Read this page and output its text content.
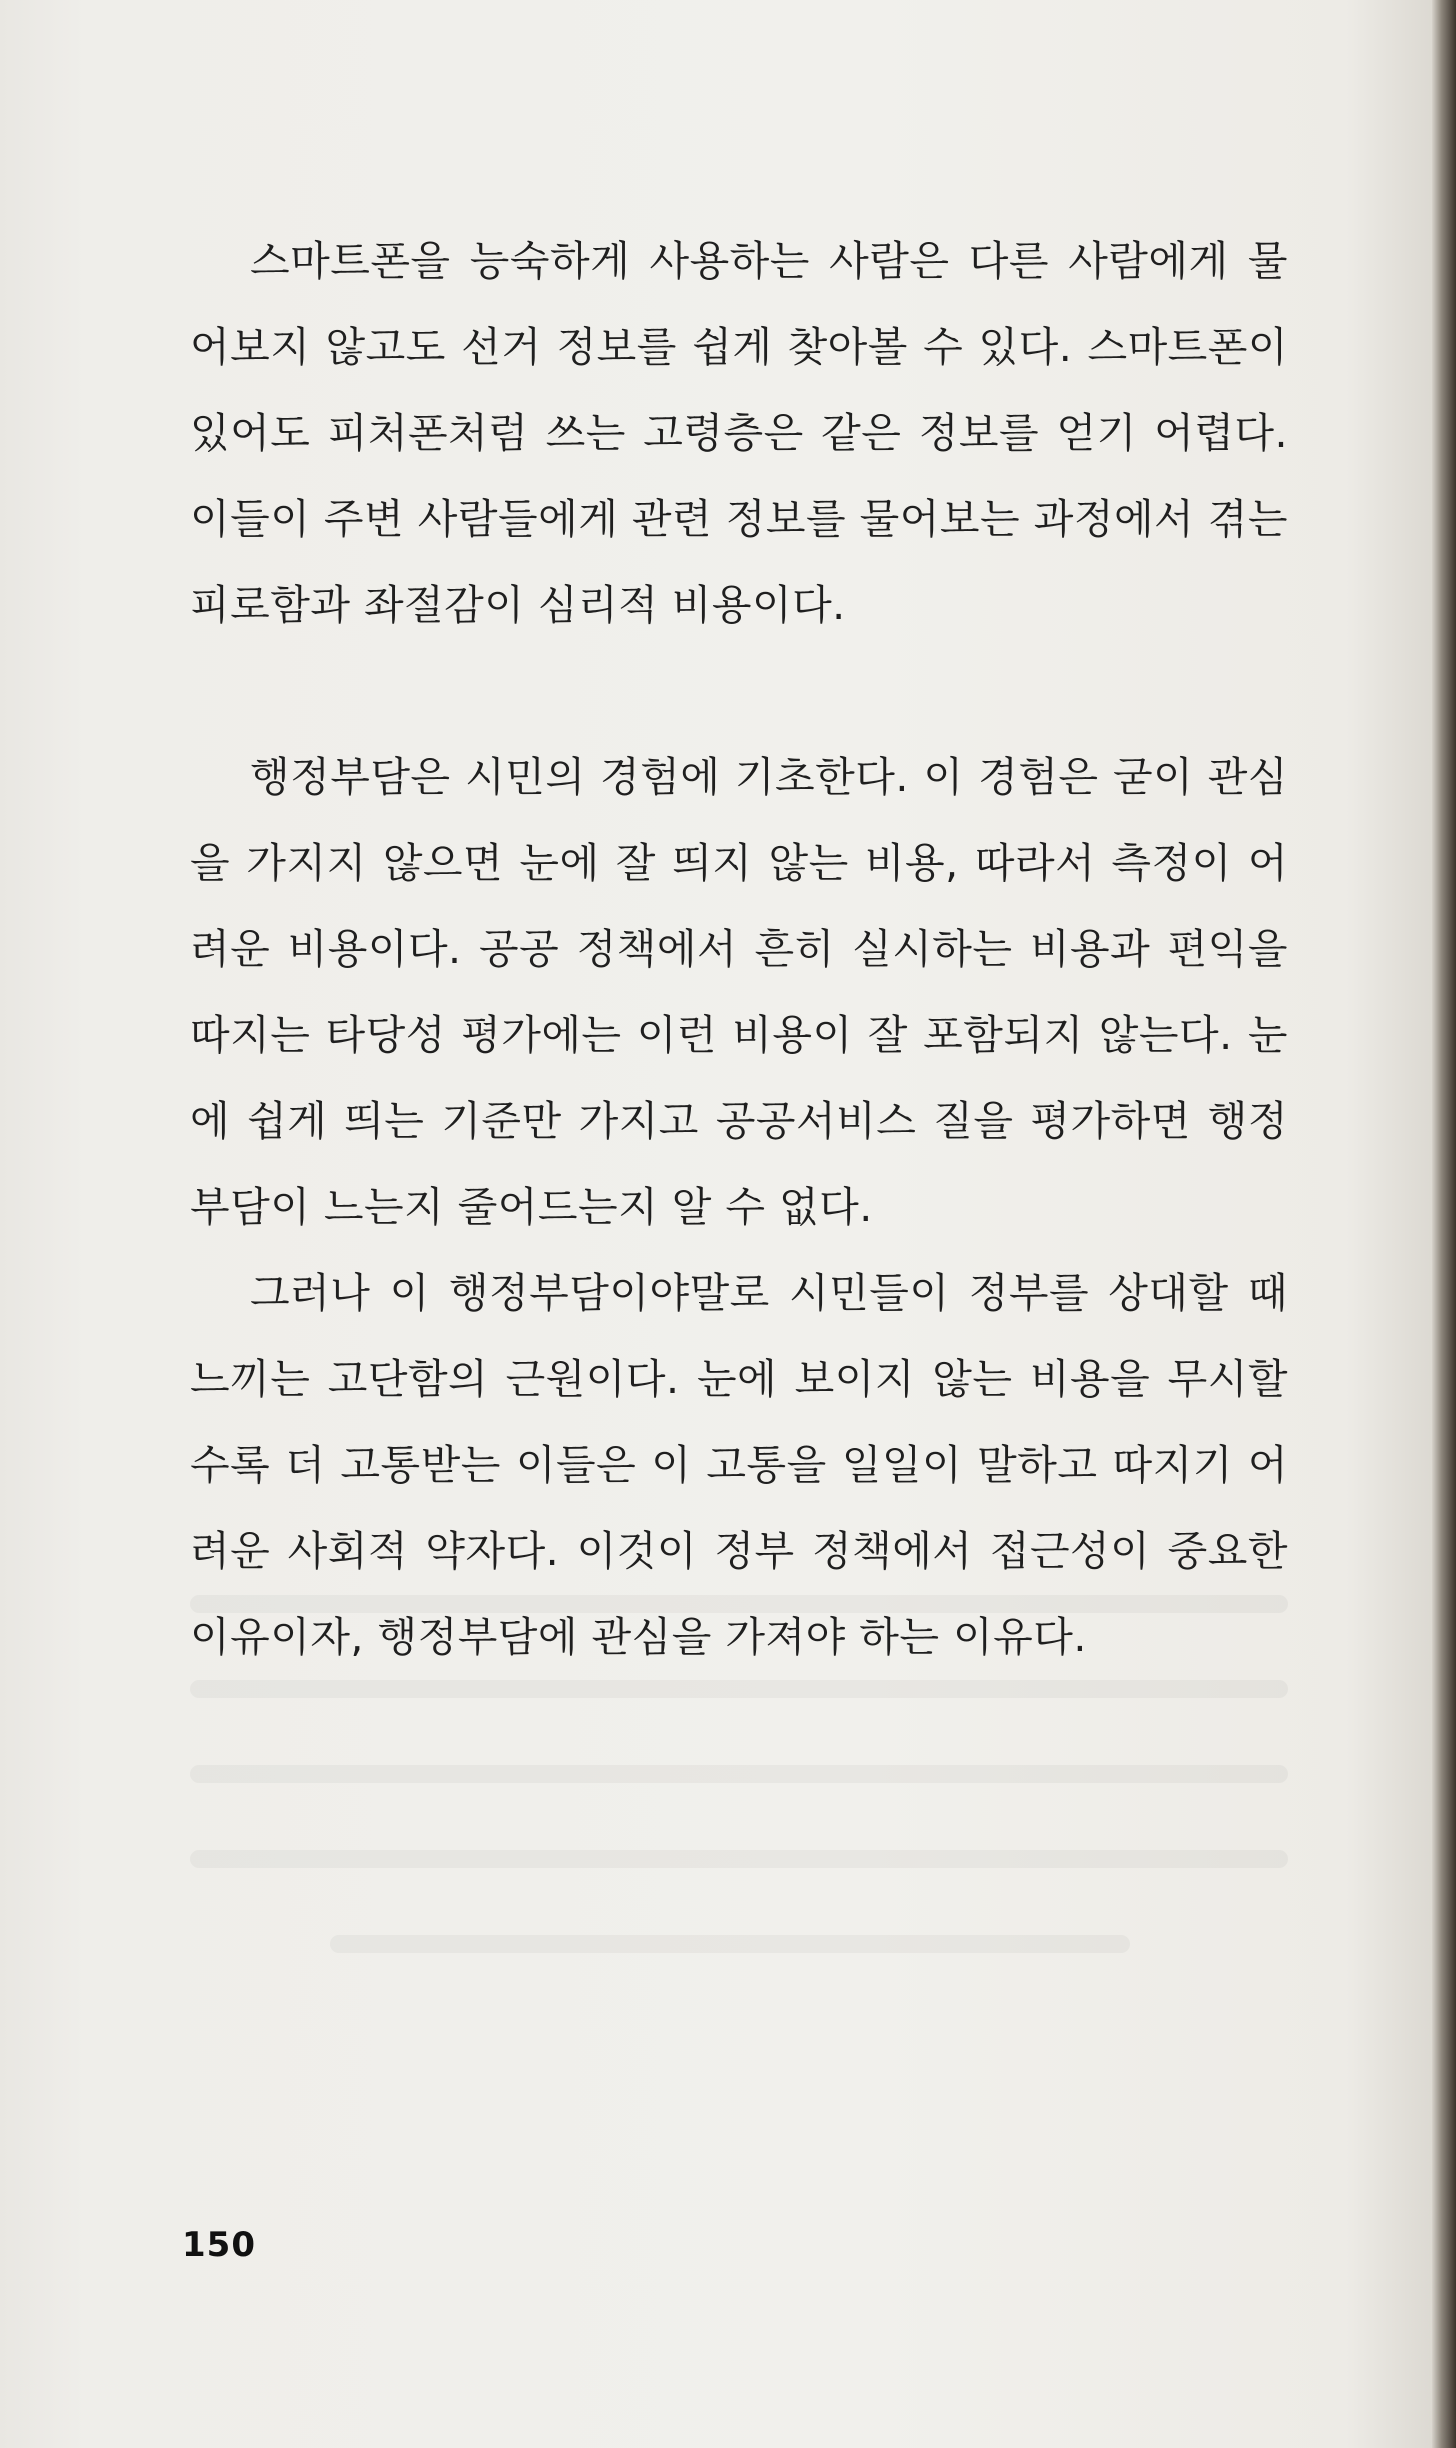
스마트폰을 능숙하게 사용하는 사람은 다른 사람에게 물어보지 않고도 선거 정보를 쉽게 찾아볼 수 있다. 스마트폰이 있어도 피처폰처럼 쓰는 고령층은 같은 정보를 얻기 어렵다. 이들이 주변 사람들에게 관련 정보를 물어보는 과정에서 겪는 피로함과 좌절감이 심리적 비용이다.

행정부담은 시민의 경험에 기초한다. 이 경험은 굳이 관심을 가지지 않으면 눈에 잘 띄지 않는 비용, 따라서 측정이 어려운 비용이다. 공공 정책에서 흔히 실시하는 비용과 편익을 따지는 타당성 평가에는 이런 비용이 잘 포함되지 않는다. 눈에 쉽게 띄는 기준만 가지고 공공서비스 질을 평가하면 행정부담이 느는지 줄어드는지 알 수 없다.

그러나 이 행정부담이야말로 시민들이 정부를 상대할 때 느끼는 고단함의 근원이다. 눈에 보이지 않는 비용을 무시할수록 더 고통받는 이들은 이 고통을 일일이 말하고 따지기 어려운 사회적 약자다. 이것이 정부 정책에서 접근성이 중요한 이유이자, 행정부담에 관심을 가져야 하는 이유다.

150
